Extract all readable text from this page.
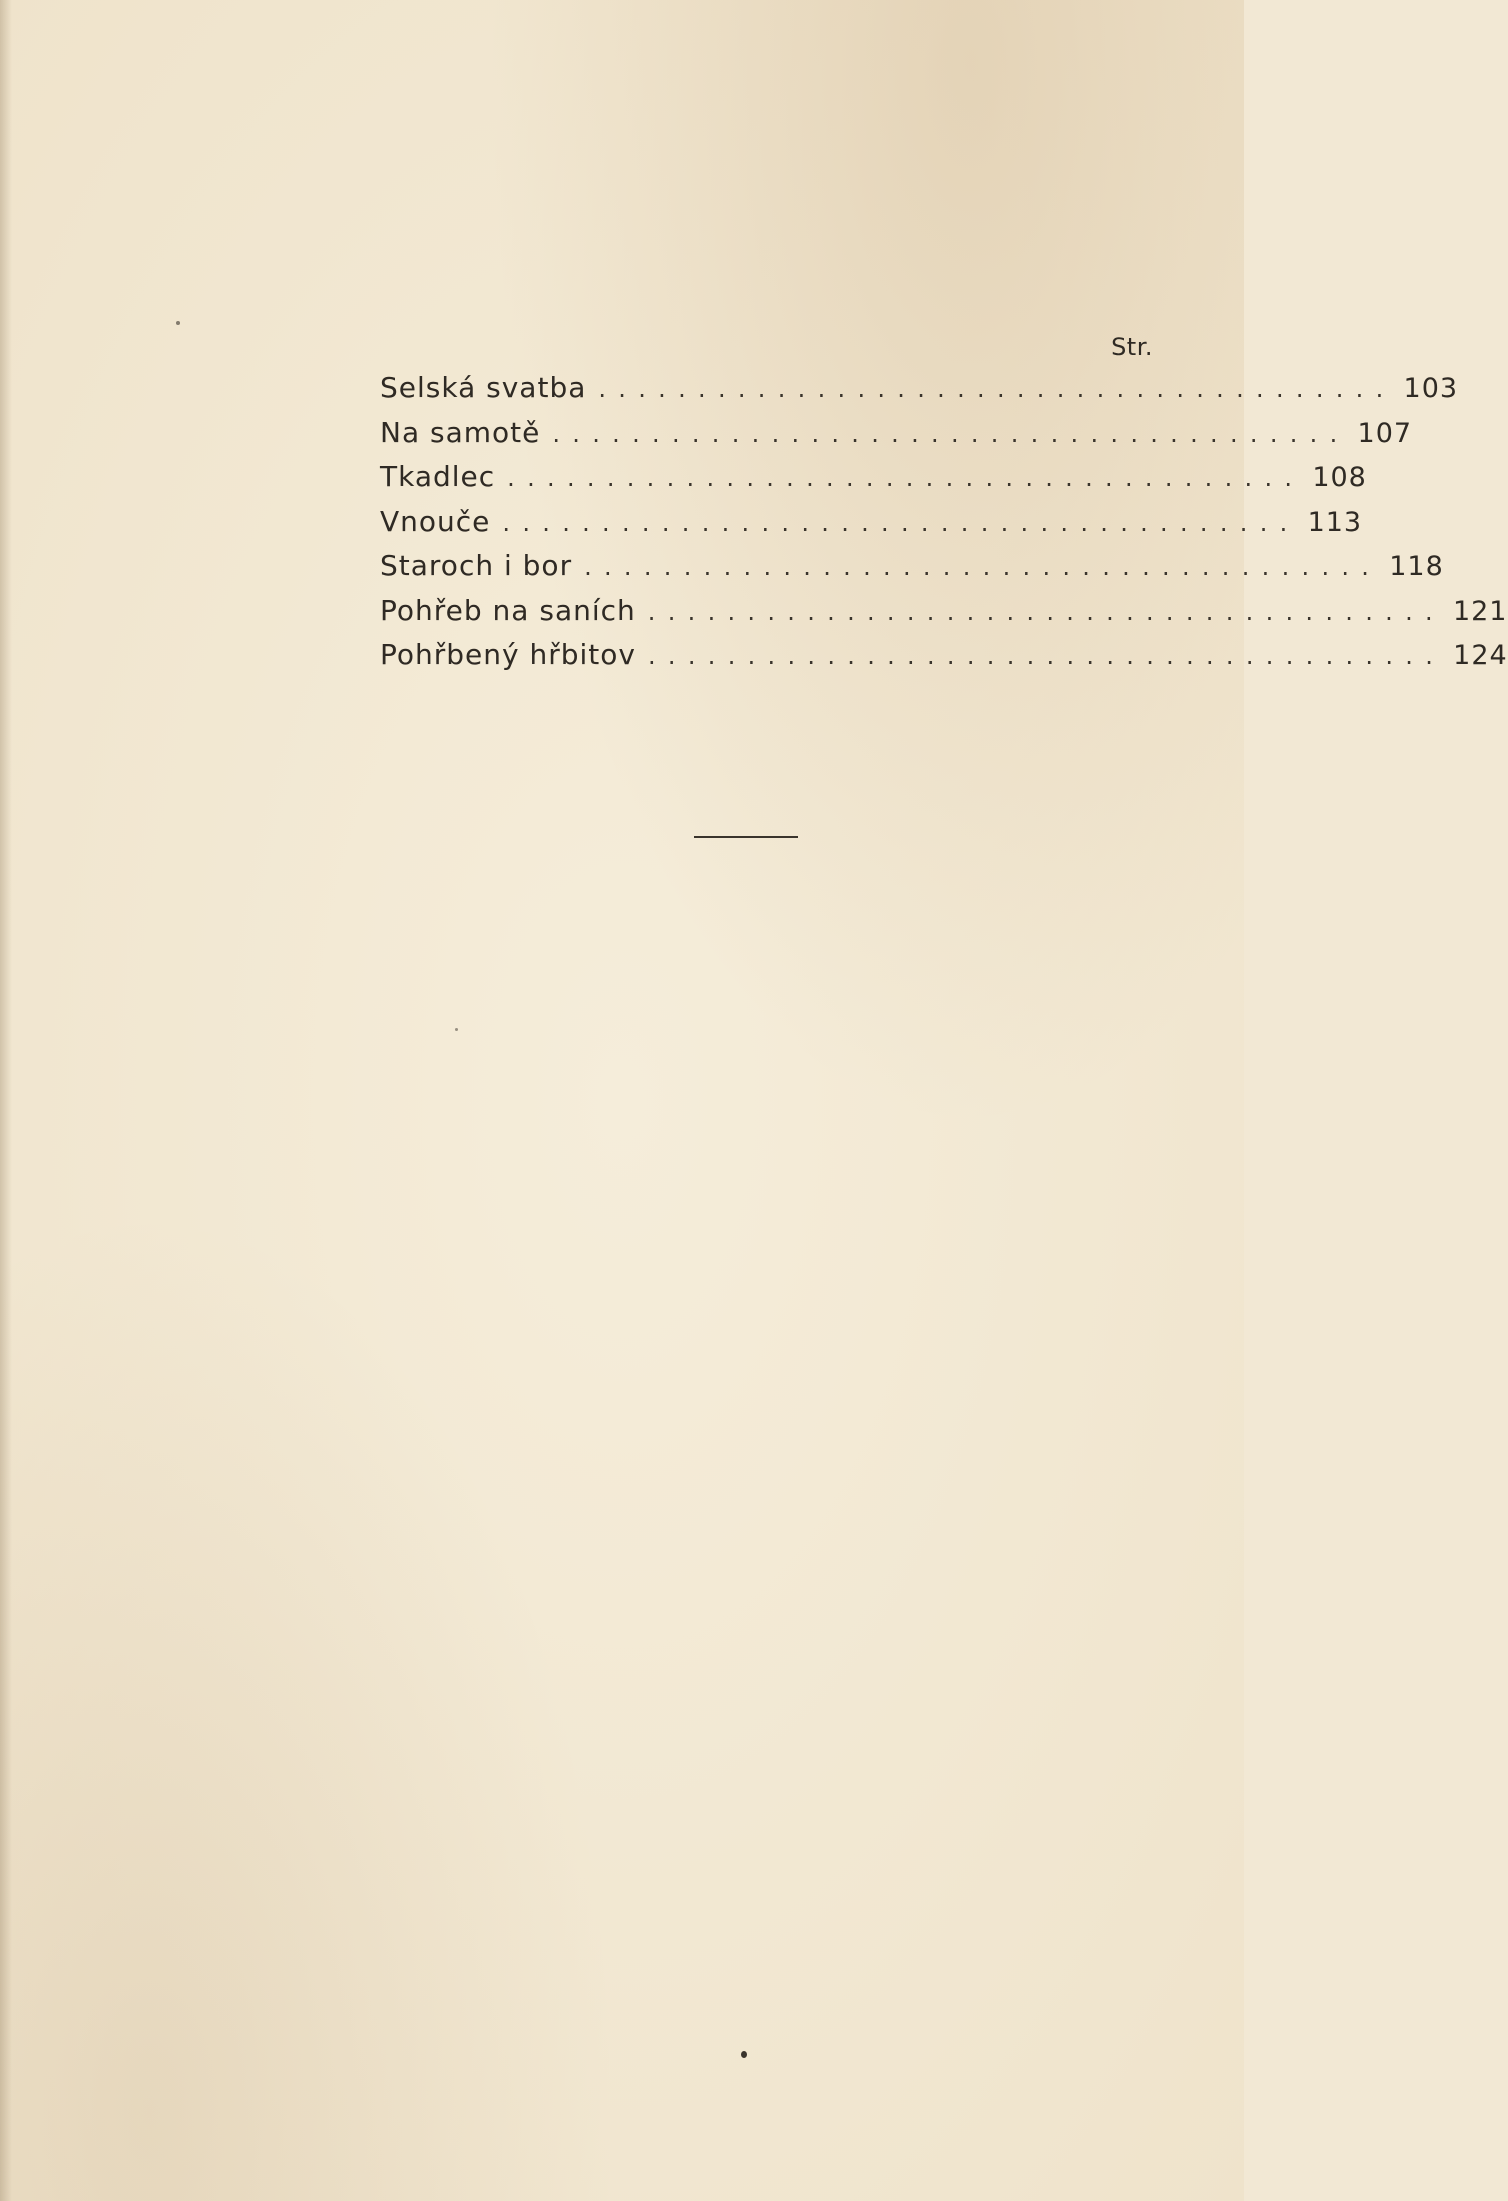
Str.
Selská svatba ........................................ 103
Na samotě ........................................ 107
Tkadlec ........................................ 108
Vnouče ........................................ 113
Staroch i bor ........................................ 118
Pohřeb na saních ........................................ 121
Pohřbený hřbitov ........................................ 124
